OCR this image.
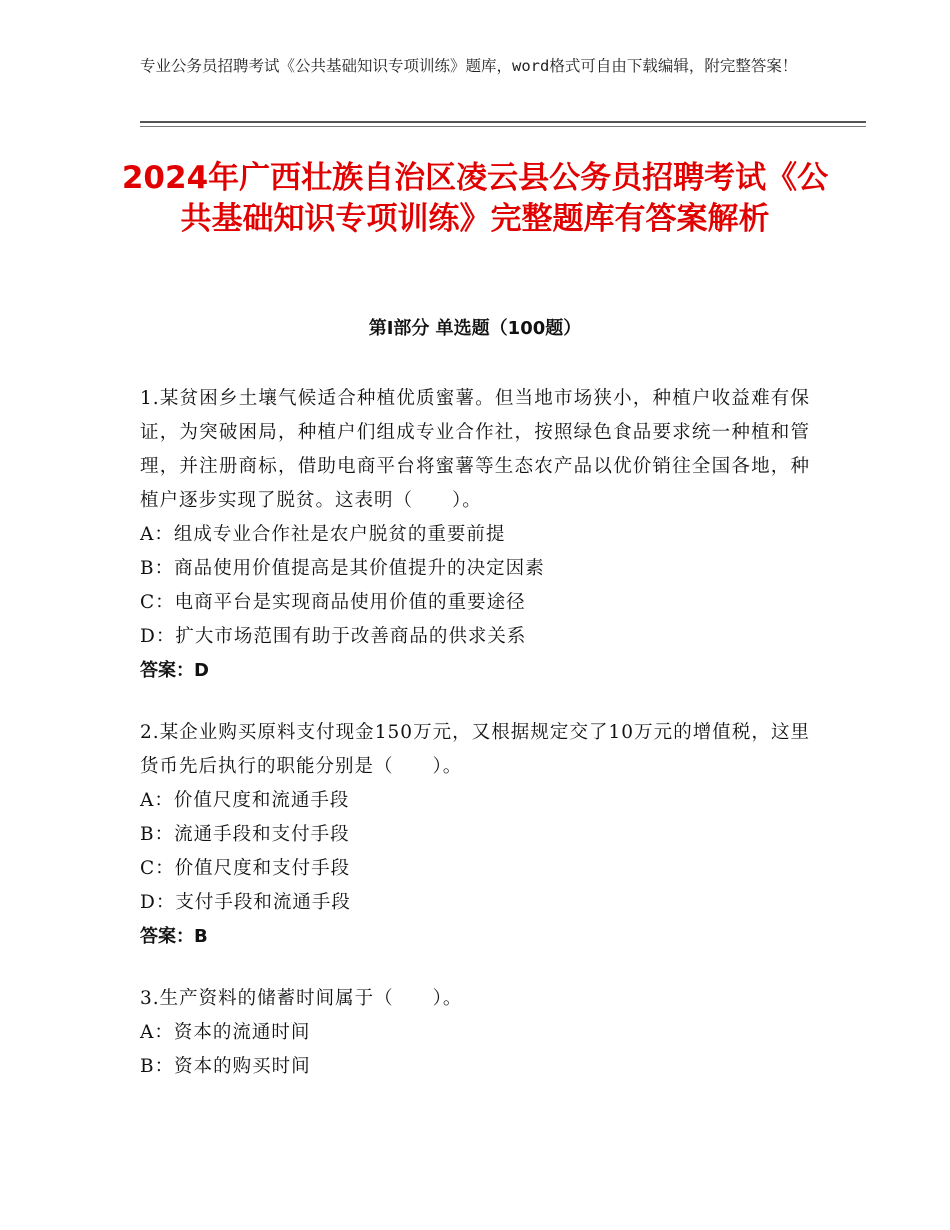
专业公务员招聘考试《公共基础知识专项训练》题库，word格式可自由下载编辑，附完整答案！
2024年广西壮族自治区凌云县公务员招聘考试《公共基础知识专项训练》完整题库有答案解析
第Ⅰ部分 单选题（100题）
1.某贫困乡土壤气候适合种植优质蜜薯。但当地市场狭小，种植户收益难有保证，为突破困局，种植户们组成专业合作社，按照绿色食品要求统一种植和管理，并注册商标，借助电商平台将蜜薯等生态农产品以优价销往全国各地，种植户逐步实现了脱贫。这表明（　　）。
A：组成专业合作社是农户脱贫的重要前提
B：商品使用价值提高是其价值提升的决定因素
C：电商平台是实现商品使用价值的重要途径
D：扩大市场范围有助于改善商品的供求关系
答案：D
2.某企业购买原料支付现金150万元，又根据规定交了10万元的增值税，这里货币先后执行的职能分别是（　　）。
A：价值尺度和流通手段
B：流通手段和支付手段
C：价值尺度和支付手段
D：支付手段和流通手段
答案：B
3.生产资料的储蓄时间属于（　　）。
A：资本的流通时间
B：资本的购买时间
